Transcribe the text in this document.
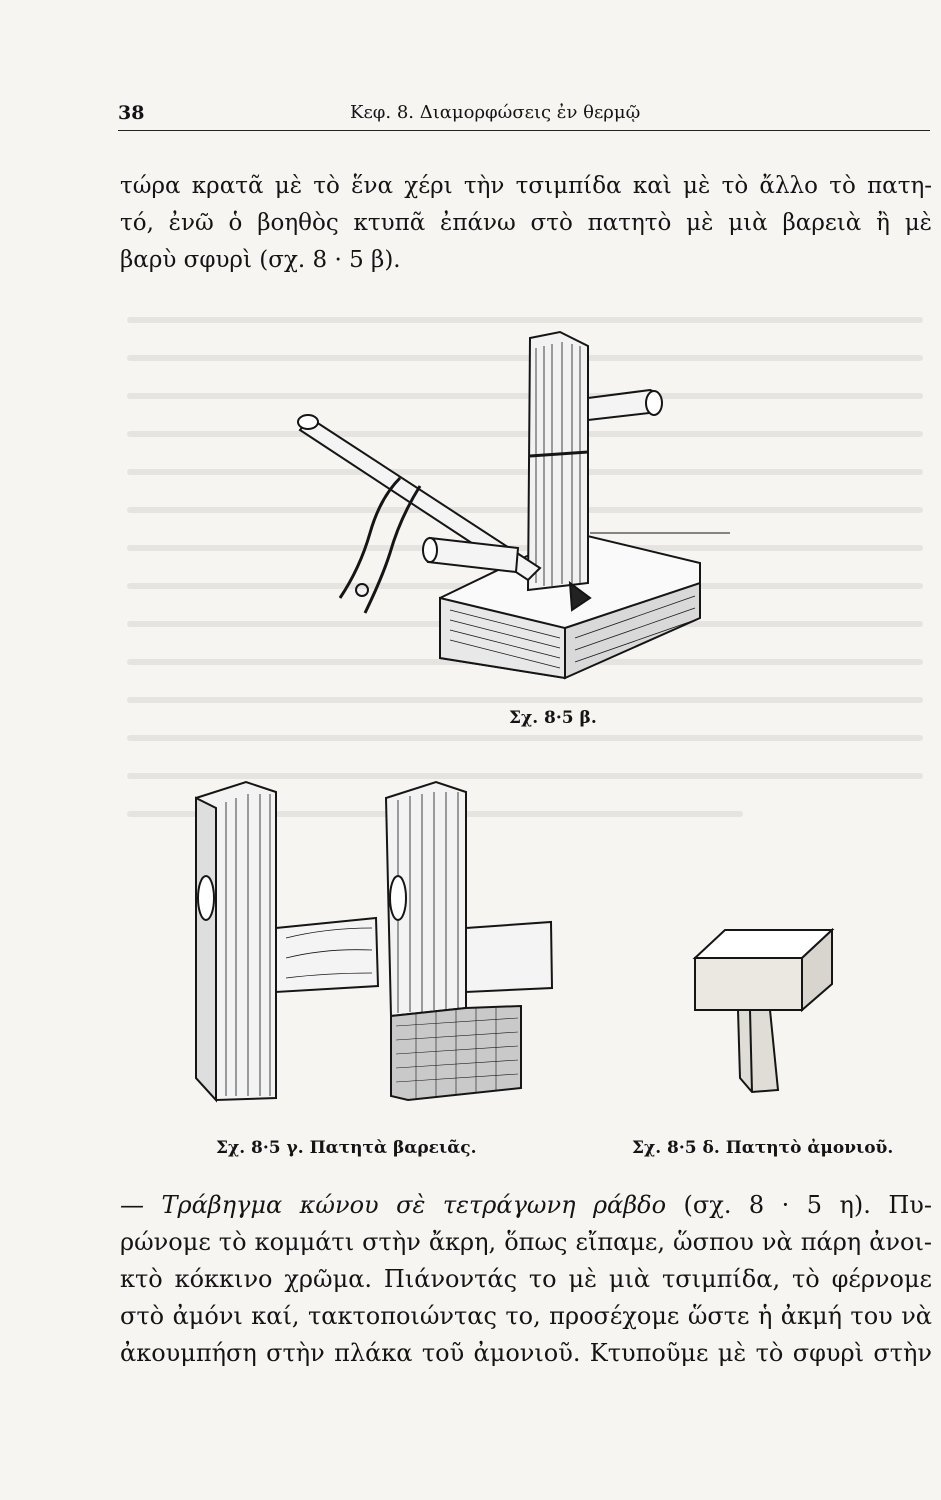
38	Κεφ. 8. Διαμορφώσεις ἐν θερμῷ
τώρα κρατᾶ μὲ τὸ ἕνα χέρι τὴν τσιμπίδα καὶ μὲ τὸ ἄλλο τὸ πατη-
τό, ἐνῶ ὁ βοηθὸς κτυπᾶ ἐπάνω στὸ πατητὸ μὲ μιὰ βαρειὰ ἢ μὲ
βαρὺ σφυρὶ (σχ. 8 · 5 β).
Σχ. 8·5 β.
Σχ. 8·5 γ. Πατητὰ βαρειᾶς.	Σχ. 8·5 δ. Πατητὸ ἀμονιοῦ.
— Τράβηγμα κώνου σὲ τετράγωνη ράβδο (σχ. 8 · 5 η). Πυ-
ρώνομε τὸ κομμάτι στὴν ἄκρη, ὅπως εἴπαμε, ὥσπου νὰ πάρη ἀνοι-
κτὸ κόκκινο χρῶμα. Πιάνοντάς το μὲ μιὰ τσιμπίδα, τὸ φέρνομε
στὸ ἀμόνι καί, τακτοποιώντας το, προσέχομε ὥστε ἡ ἀκμή του νὰ
ἀκουμπήση στὴν πλάκα τοῦ ἀμονιοῦ. Κτυποῦμε μὲ τὸ σφυρὶ στὴν
